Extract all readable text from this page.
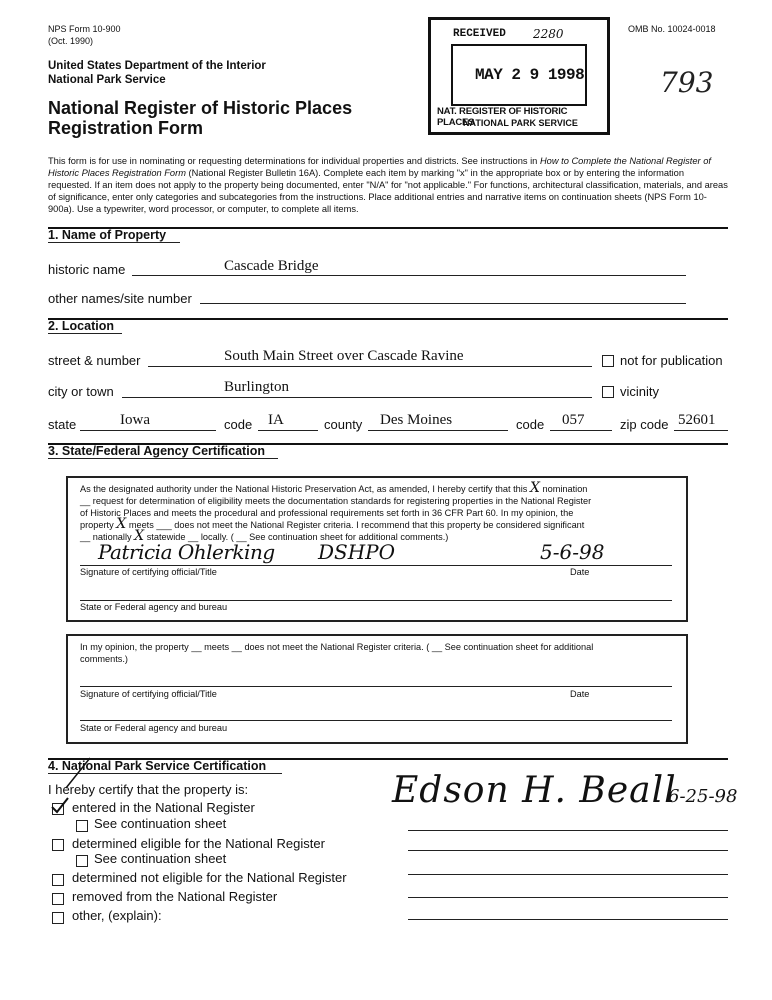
NPS Form 10-900
(Oct. 1990)
OMB No. 10024-0018
United States Department of the Interior
National Park Service
National Register of Historic Places
Registration Form
793
RECEIVED 2280
MAY 2 9 1998
NAT. REGISTER OF HISTORIC PLACES
NATIONAL PARK SERVICE
This form is for use in nominating or requesting determinations for individual properties and districts. See instructions in How to Complete the National Register of Historic Places Registration Form (National Register Bulletin 16A). Complete each item by marking "x" in the appropriate box or by entering the information requested. If an item does not apply to the property being documented, enter "N/A" for "not applicable." For functions, architectural classification, materials, and areas of significance, enter only categories and subcategories from the instructions. Place additional entries and narrative items on continuation sheets (NPS Form 10-900a). Use a typewriter, word processor, or computer, to complete all items.
1. Name of Property
historic name	Cascade Bridge
other names/site number
2. Location
street & number	South Main Street over Cascade Ravine	not for publication
city or town	Burlington	vicinity
state	Iowa	code IA	county Des Moines	code 057	zip code 52601
3. State/Federal Agency Certification
As the designated authority under the National Historic Preservation Act, as amended, I hereby certify that this X nomination
__ request for determination of eligibility meets the documentation standards for registering properties in the National Register
of Historic Places and meets the procedural and professional requirements set forth in 36 CFR Part 60. In my opinion, the
property X meets ___ does not meet the National Register criteria. I recommend that this property be considered significant
__ nationally X statewide __ locally. ( __ See continuation sheet for additional comments.)
Patricia Ohlerking DSHPO	5-6-98
Signature of certifying official/Title	Date
State or Federal agency and bureau
In my opinion, the property __ meets __ does not meet the National Register criteria. ( __ See continuation sheet for additional
comments.)
Signature of certifying official/Title	Date
State or Federal agency and bureau
4. National Park Service Certification
I hereby certify that the property is:
entered in the National Register
See continuation sheet
determined eligible for the National Register
See continuation sheet
determined not eligible for the National Register
removed from the National Register
other, (explain):
Edson H. Beall
6-25-98
